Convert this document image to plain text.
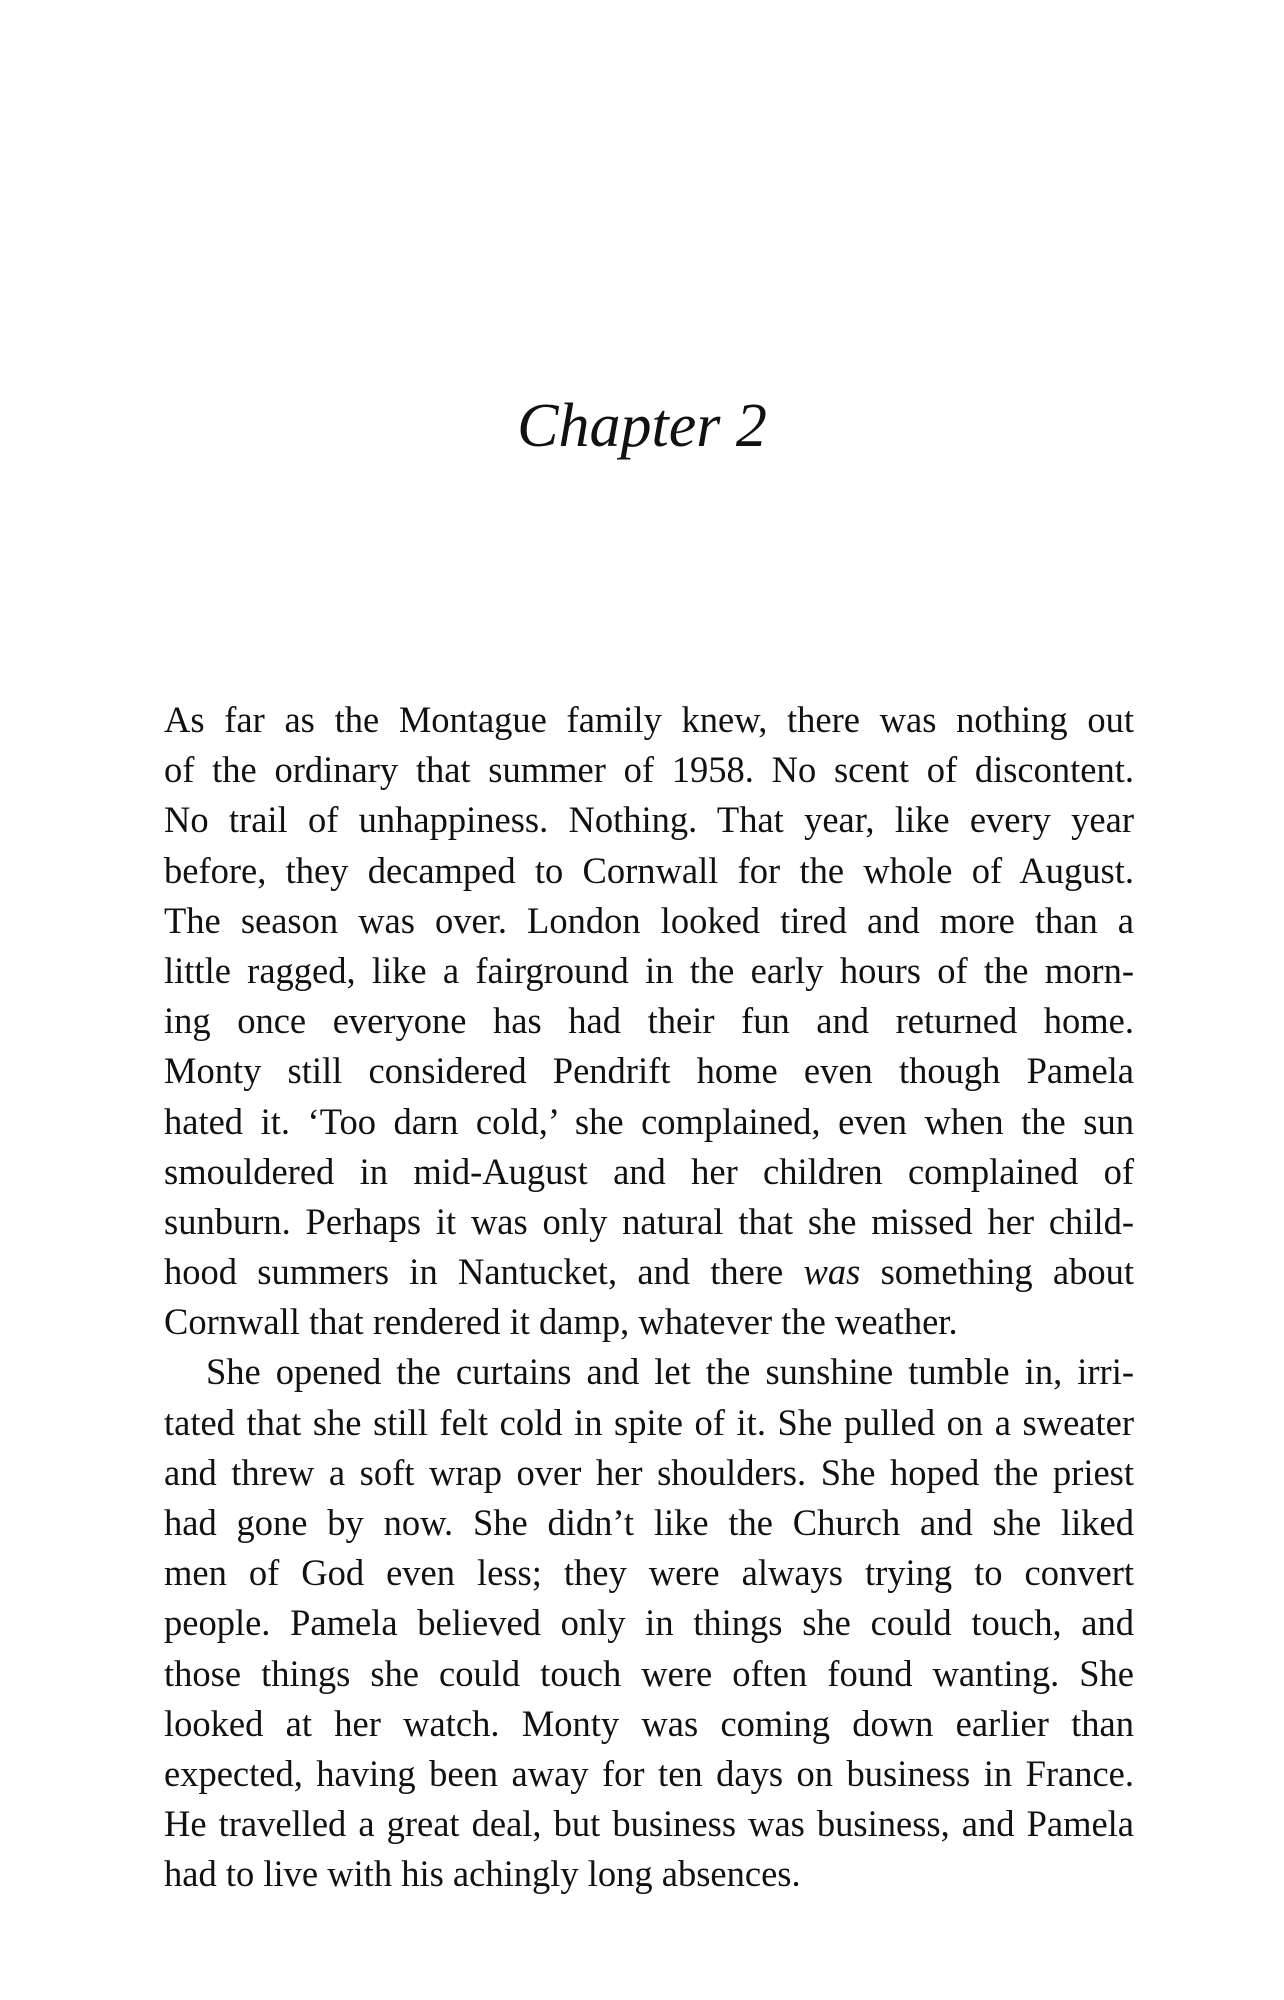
Chapter 2
As far as the Montague family knew, there was nothing out
of the ordinary that summer of 1958. No scent of discontent.
No trail of unhappiness. Nothing. That year, like every year
before, they decamped to Cornwall for the whole of August.
The season was over. London looked tired and more than a
little ragged, like a fairground in the early hours of the morn-
ing once everyone has had their fun and returned home.
Monty still considered Pendrift home even though Pamela
hated it. ‘Too darn cold,’ she complained, even when the sun
smouldered in mid-August and her children complained of
sunburn. Perhaps it was only natural that she missed her child-
hood summers in Nantucket, and there was something about
Cornwall that rendered it damp, whatever the weather.
She opened the curtains and let the sunshine tumble in, irri-
tated that she still felt cold in spite of it. She pulled on a sweater
and threw a soft wrap over her shoulders. She hoped the priest
had gone by now. She didn’t like the Church and she liked
men of God even less; they were always trying to convert
people. Pamela believed only in things she could touch, and
those things she could touch were often found wanting. She
looked at her watch. Monty was coming down earlier than
expected, having been away for ten days on business in France.
He travelled a great deal, but business was business, and Pamela
had to live with his achingly long absences.
